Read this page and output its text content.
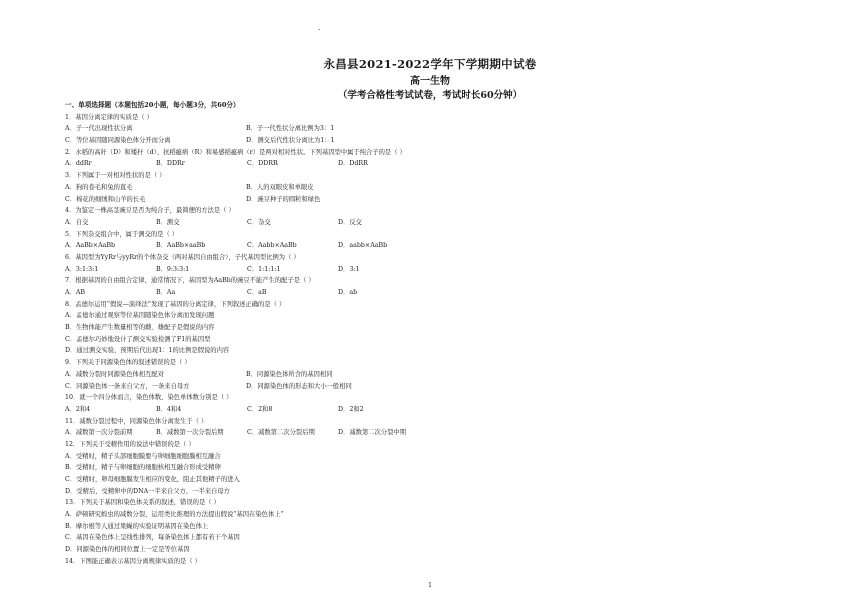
·
永昌县2021-2022学年下学期期中试卷
高一生物
（学考合格性考试试卷，考试时长60分钟）
一、单项选择题（本题包括20小题，每小题3分，共60分）
1．基因分离定律的实质是（ ）
A．子一代出现性状分离	B．子一代性状分离比例为3：1
C．等位基因随同源染色体分开而分离	D．测交后代性状分离比为1：1
2．水稻的高秆（D）和矮秆（d）、抗稻瘟病（R）和易感稻瘟病（r）是两对相对性状。下列基因型中属于纯合子的是（ ）
A．ddRr	B．DDRr	C．DDRR	D．DdRR
3．下列属于一对相对性状的是（ ）
A．狗的卷毛和兔的直毛	B．人的双眼皮和单眼皮
C．棉花的细绒和山羊的长毛	D．豌豆种子的圆粒和绿色
4．为鉴定一株高茎豌豆是否为纯合子，最简便的方法是（ ）
A．自交	B．测交	C．杂交	D．反交
5．下列杂交组合中，属于测交的是（ ）
A．AaBb×AaBb	B．AaBb×aaBb	C．Aabb×AaBb	D．aabb×AaBb
6．基因型为YyRr与yyRr的个体杂交（两对基因自由组合），子代基因型比例为（ ）
A．3:1:3:1	B．9:3:3:1	C．1:1:1:1	D．3:1
7．根据基因的自由组合定律，通常情况下，基因型为AaBb的豌豆不能产生的配子是（ ）
A．AB	B．Aa	C．aB	D．ab
8．孟德尔运用“假说—演绎法”发现了基因的分离定律，下列叙述正确的是（ ）
A．孟德尔通过观察等位基因随染色体分离而发现问题
B．生物体能产生数量相等的雌、雄配子是假说的内容
C．孟德尔巧妙地设计了测交实验检测了F1的基因型
D．通过测交实验，预期后代出现1：1的比例是假说的内容
9．下列关于同源染色体的叙述错误的是（ ）
A．减数分裂时同源染色体相互配对	B．同源染色体所含的基因相同
C．同源染色体一条来自父方，一条来自母方	D．同源染色体的形态和大小一般相同
10．就一个四分体而言，染色体数、染色单体数分别是（ ）
A．2和4	B．4和4	C．2和8	D．2和2
11．减数分裂过程中，同源染色体分离发生于（ ）
A．减数第一次分裂前期	B．减数第一次分裂后期	C．减数第二次分裂后期	D．减数第二次分裂中期
12．下列关于受精作用的说法中错误的是（ ）
A．受精时，精子头部细胞膜要与卵细胞细胞膜相互融合
B．受精时，精子与卵细胞的细胞核相互融合形成受精卵
C．受精时，卵母细胞膜发生相应的变化，阻止其他精子的进入
D．受精后，受精卵中的DNA一半来自父方，一半来自母方
13．下列关于基因和染色体关系的叙述，错误的是（ ）
A．萨顿研究蝗虫的减数分裂，运用类比推理的方法提出假说“基因在染色体上”
B．摩尔根等人通过果蝇的实验证明基因在染色体上
C．基因在染色体上呈线性排列，每条染色体上都有若干个基因
D．同源染色体的相同位置上一定是等位基因
14．下图能正确表示基因分离规律实质的是（ ）
1
